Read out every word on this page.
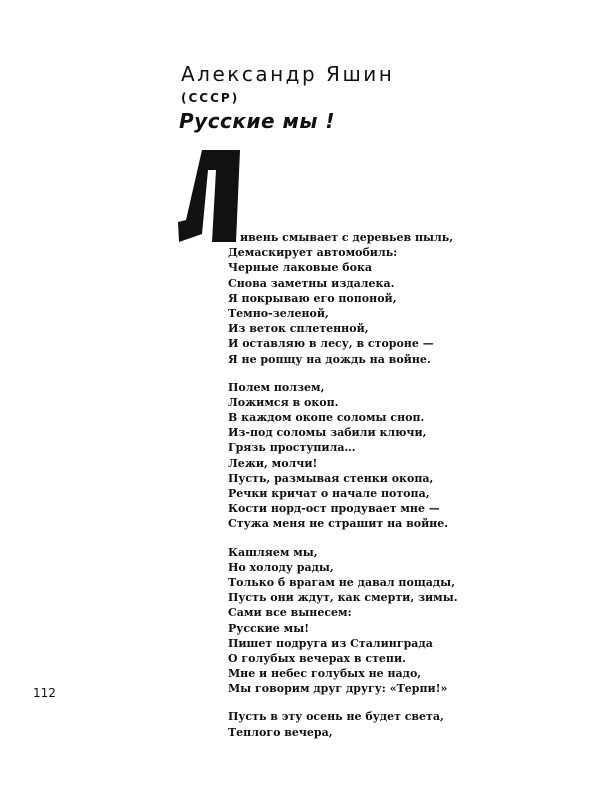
Александр Яшин
(СССР)
Русские мы !
ивень смывает с деревьев пыль,
Демаскирует автомобиль:
Черные лаковые бока
Снова заметны издалека.
Я покрываю его попоной,
Темно-зеленой,
Из веток сплетенной,
И оставляю в лесу, в стороне —
Я не ропщу на дождь на войне.
Полем ползем,
Ложимся в окоп.
В каждом окопе соломы сноп.
Из-под соломы забили ключи,
Грязь проступила…
Лежи, молчи!
Пусть, размывая стенки окопа,
Речки кричат о начале потопа,
Кости норд-ост продувает мне —
Стужа меня не страшит на войне.
Кашляем мы,
Но холоду рады,
Только б врагам не давал пощады,
Пусть они ждут, как смерти, зимы.
Сами все вынесем:
Русские мы!
Пишет подруга из Сталинграда
О голубых вечерах в степи.
Мне и небес голубых не надо,
Мы говорим друг другу: «Терпи!»
Пусть в эту осень не будет света,
Теплого вечера,
112
